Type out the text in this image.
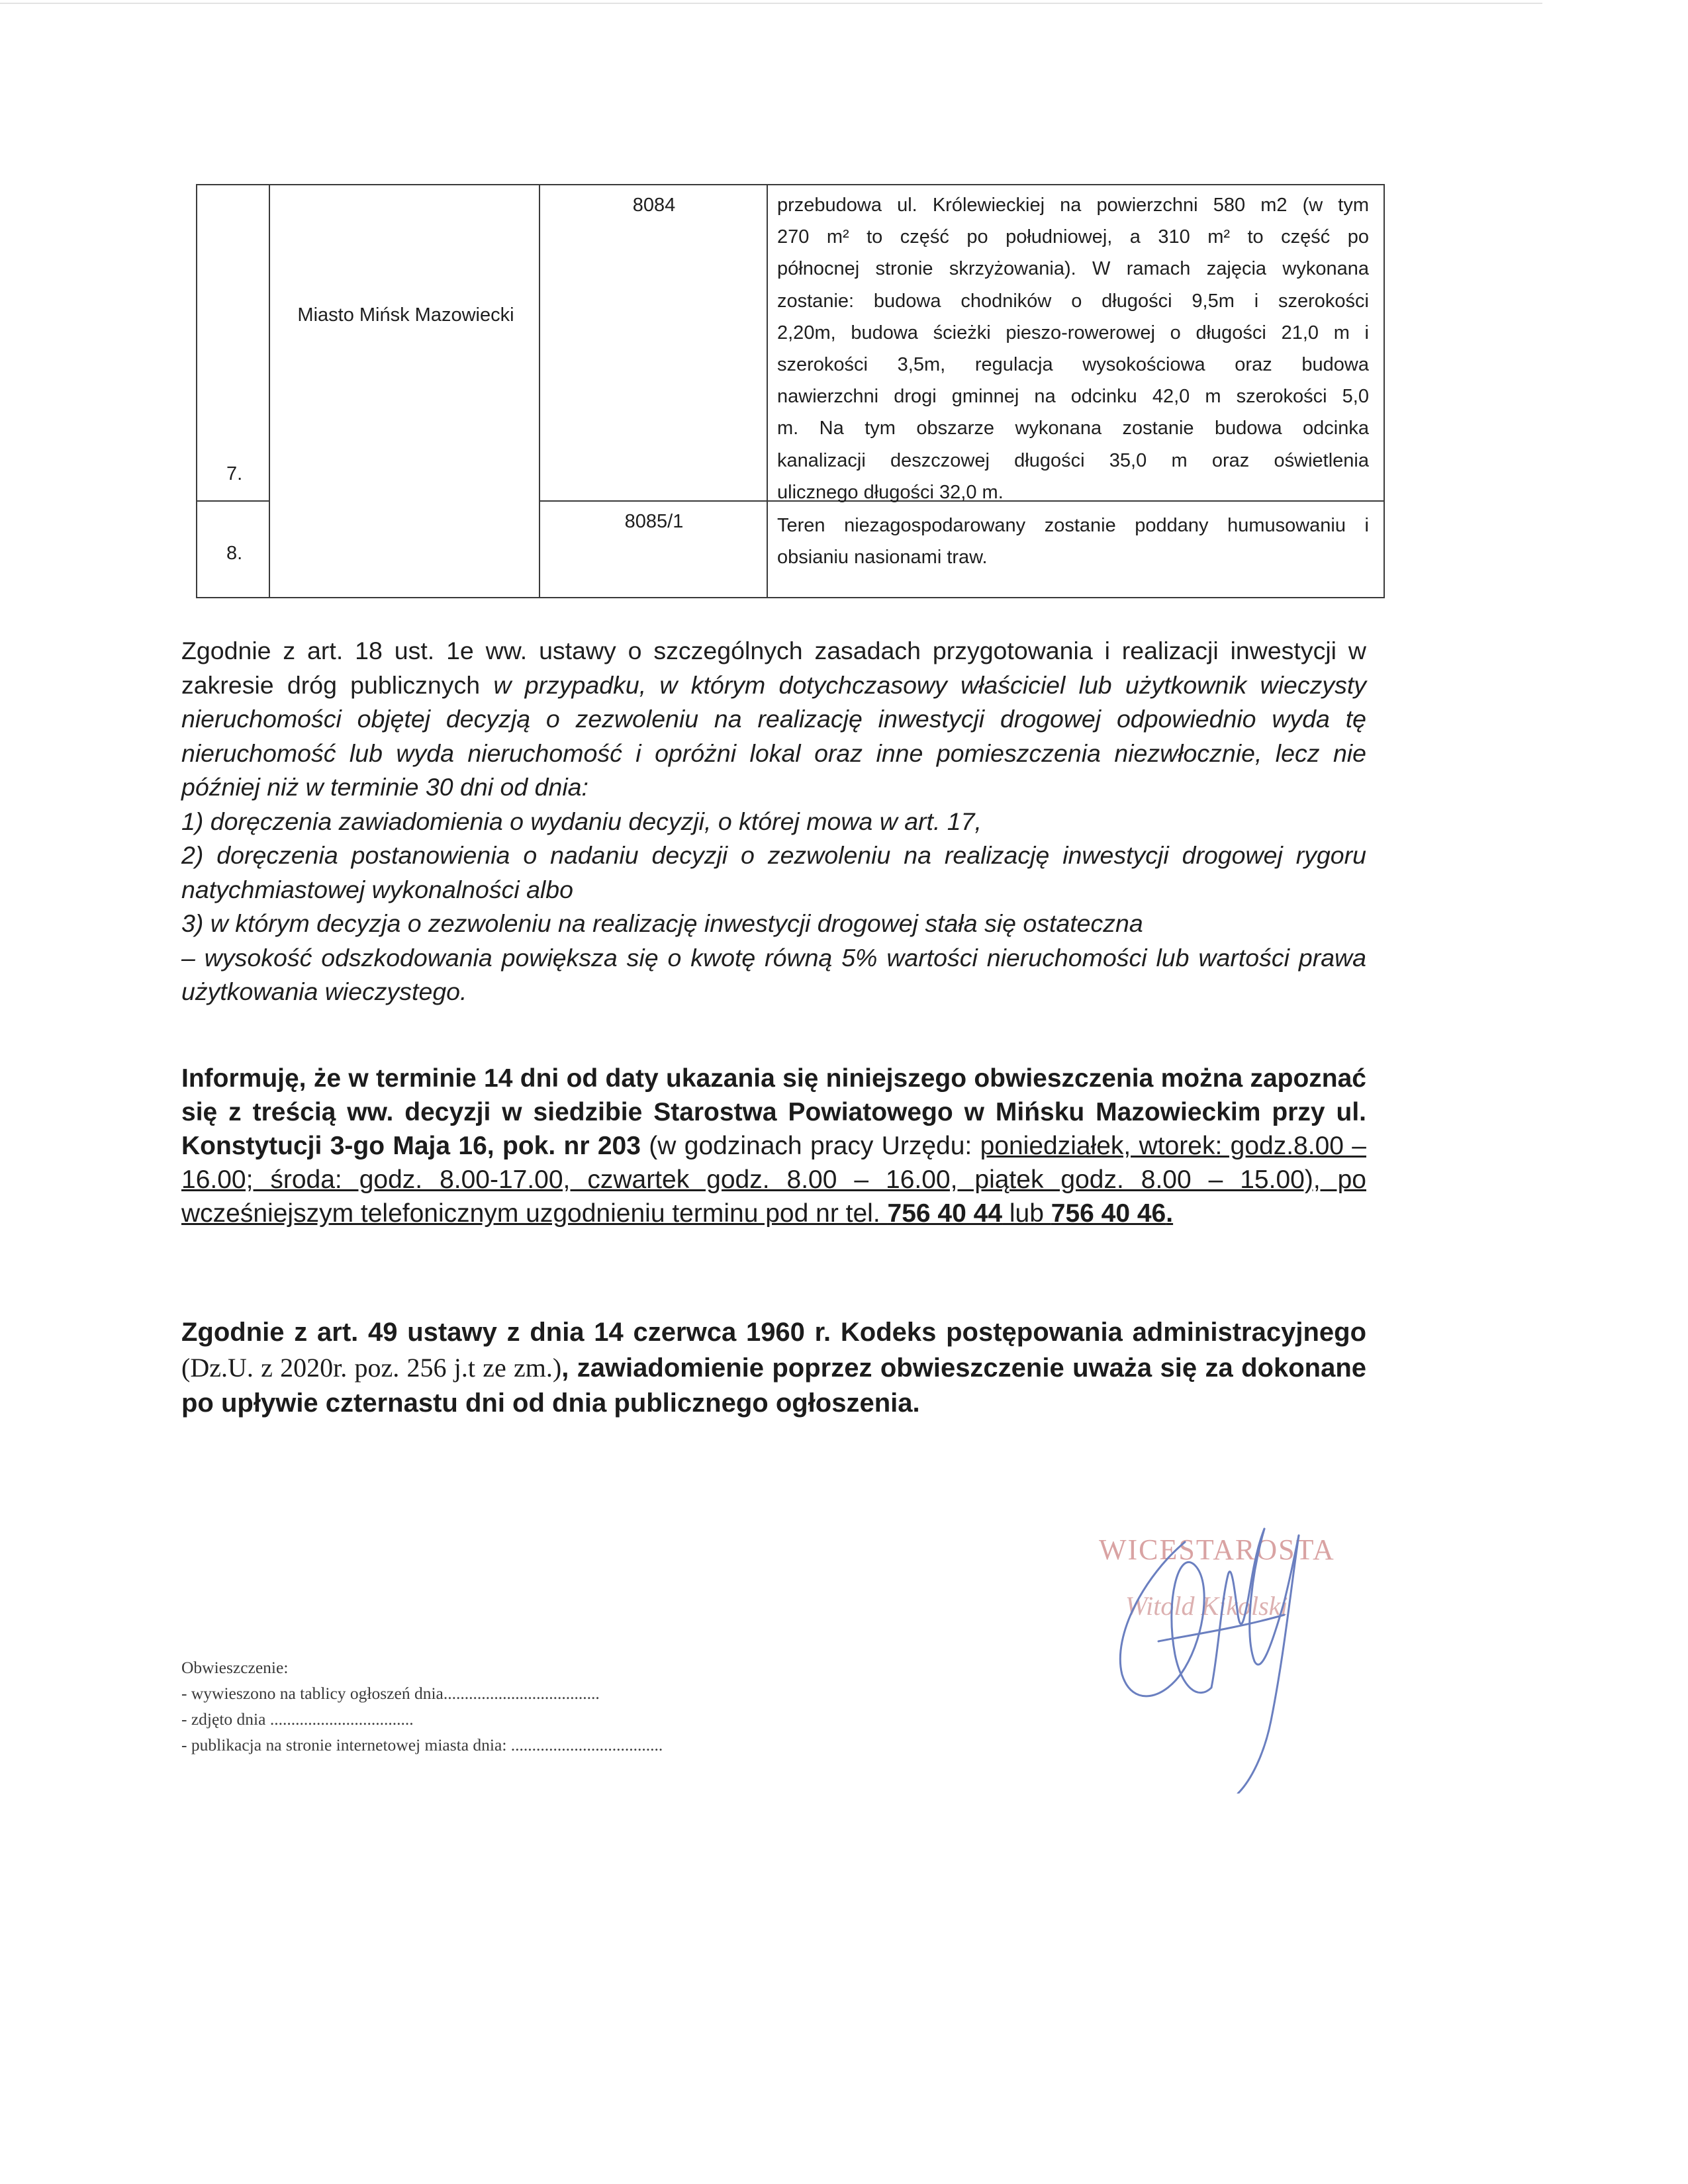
7.
Miasto Mińsk Mazowiecki
8084	przebudowa ul. Królewieckiej na powierzchni 580 m2 (w tym
270 m² to część po południowej, a 310 m² to część po
północnej stronie skrzyżowania). W ramach zajęcia wykonana
zostanie: budowa chodników o długości 9,5m i szerokości
2,20m, budowa ścieżki pieszo-rowerowej o długości 21,0 m i
szerokości 3,5m, regulacja wysokościowa oraz budowa
nawierzchni drogi gminnej na odcinku 42,0 m szerokości 5,0
m. Na tym obszarze wykonana zostanie budowa odcinka
kanalizacji deszczowej długości 35,0 m oraz oświetlenia
ulicznego długości 32,0 m.
8.
8085/1	Teren niezagospodarowany zostanie poddany humusowaniu i
obsianiu nasionami traw.
Zgodnie z art. 18 ust. 1e ww. ustawy o szczególnych zasadach przygotowania i realizacji inwestycji w zakresie dróg publicznych w przypadku, w którym dotychczasowy właściciel lub użytkownik wieczysty nieruchomości objętej decyzją o zezwoleniu na realizację inwestycji drogowej odpowiednio wyda tę nieruchomość lub wyda nieruchomość i opróżni lokal oraz inne pomieszczenia niezwłocznie, lecz nie później niż w terminie 30 dni od dnia:
1) doręczenia zawiadomienia o wydaniu decyzji, o której mowa w art. 17,
2) doręczenia postanowienia o nadaniu decyzji o zezwoleniu na realizację inwestycji drogowej rygoru natychmiastowej wykonalności albo
3) w którym decyzja o zezwoleniu na realizację inwestycji drogowej stała się ostateczna
– wysokość odszkodowania powiększa się o kwotę równą 5% wartości nieruchomości lub wartości prawa użytkowania wieczystego.
Informuję, że w terminie 14 dni od daty ukazania się niniejszego obwieszczenia można zapoznać się z treścią ww. decyzji w siedzibie Starostwa Powiatowego w Mińsku Mazowieckim przy ul. Konstytucji 3-go Maja 16, pok. nr 203 (w godzinach pracy Urzędu: poniedziałek, wtorek: godz.8.00 – 16.00; środa: godz. 8.00-17.00, czwartek godz. 8.00 – 16.00, piątek godz. 8.00 – 15.00), po wcześniejszym telefonicznym uzgodnieniu terminu pod nr tel. 756 40 44 lub 756 40 46.
Zgodnie z art. 49 ustawy z dnia 14 czerwca 1960 r. Kodeks postępowania administracyjnego (Dz.U. z 2020r. poz. 256 j.t ze zm.), zawiadomienie poprzez obwieszczenie uważa się za dokonane po upływie czternastu dni od dnia publicznego ogłoszenia.
WICESTAROSTA
Witold Kikolski
Obwieszczenie:
- wywieszono na tablicy ogłoszeń dnia.....................................
- zdjęto dnia ..................................
- publikacja na stronie internetowej miasta dnia: ....................................
